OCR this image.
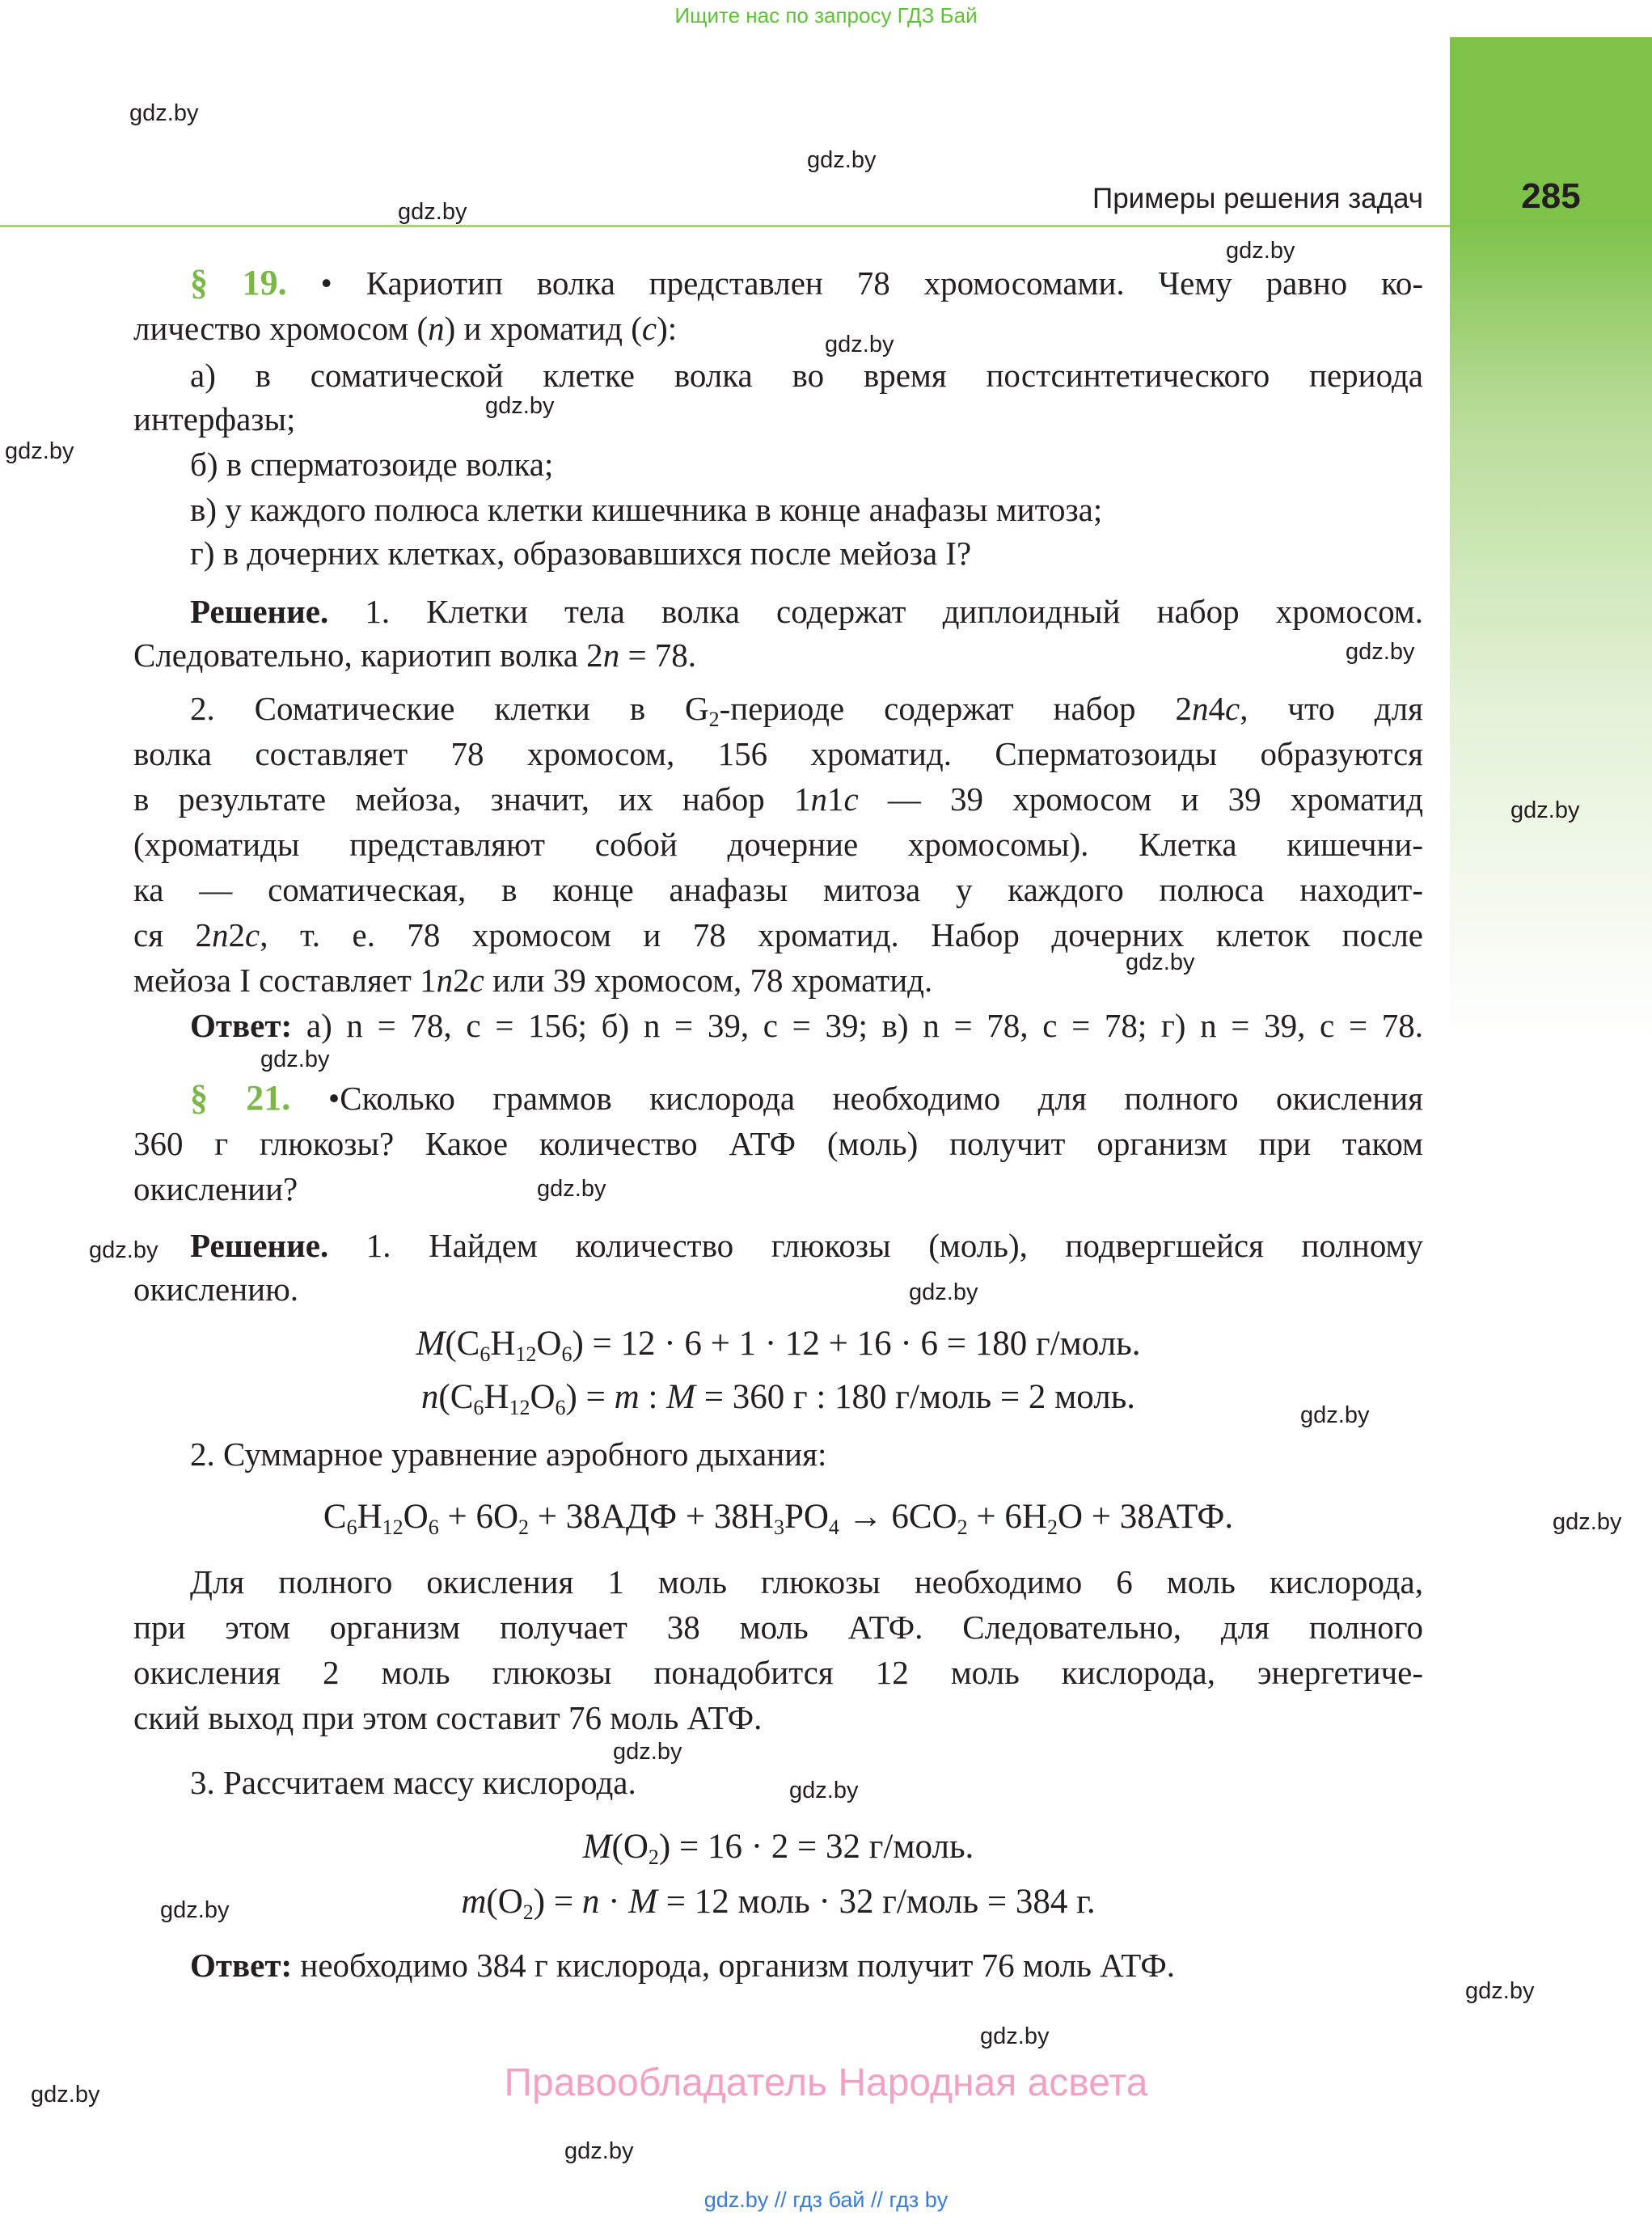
Ищите нас по запросу ГДЗ Бай
Примеры решения задач	285
§ 19. • Кариотип волка представлен 78 хромосомами. Чему равно ко-
личество хромосом (n) и хроматид (c):
а) в соматической клетке волка во время постсинтетического периода
интерфазы;
б) в сперматозоиде волка;
в) у каждого полюса клетки кишечника в конце анафазы митоза;
г) в дочерних клетках, образовавшихся после мейоза I?
Решение. 1. Клетки тела волка содержат диплоидный набор хромосом.
Следовательно, кариотип волка 2n = 78.
2. Соматические клетки в $G_2$-периоде содержат набор 2n4c, что для
волка составляет 78 хромосом, 156 хроматид. Сперматозоиды образуются
в результате мейоза, значит, их набор 1n1c — 39 хромосом и 39 хроматид
(хроматиды представляют собой дочерние хромосомы). Клетка кишечни-
ка — соматическая, в конце анафазы митоза у каждого полюса находит-
ся 2n2c, т. е. 78 хромосом и 78 хроматид. Набор дочерних клеток после
мейоза I составляет 1n2c или 39 хромосом, 78 хроматид.
Ответ: а) n = 78, c = 156; б) n = 39, c = 39; в) n = 78, c = 78; г) n = 39, c = 78.
§ 21. •Сколько граммов кислорода необходимо для полного окисления
360 г глюкозы? Какое количество АТФ (моль) получит организм при таком
окислении?
Решение. 1. Найдем количество глюкозы (моль), подвергшейся полному
окислению.
$M(C_6H_{12}O_6) = 12 \cdot 6 + 1 \cdot 12 + 16 \cdot 6 = 180$ г/моль.
$n(C_6H_{12}O_6) = m$ : M = 360 г : 180 г/моль = 2 моль.
2. Суммарное уравнение аэробного дыхания:
$C_6H_{12}O_6 + 6O_2 + 38АДФ + 38H_3PO_4 \to 6CO_2 + 6H_2O + 38АТФ$.
Для полного окисления 1 моль глюкозы необходимо 6 моль кислорода,
при этом организм получает 38 моль АТФ. Следовательно, для полного
окисления 2 моль глюкозы понадобится 12 моль кислорода, энергетиче-
ский выход при этом составит 76 моль АТФ.
3. Рассчитаем массу кислорода.
$M(O_2) = 16 \cdot 2 = 32$ г/моль.
$m(O_2) = n \cdot M = 12$ моль · 32 г/моль = 384 г.
Ответ: необходимо 384 г кислорода, организм получит 76 моль АТФ.
gdz.by
gdz.by
gdz.by
gdz.by
gdz.by
gdz.by
gdz.by
gdz.by
gdz.by
gdz.by
gdz.by
gdz.by
gdz.by
gdz.by
gdz.by
gdz.by
gdz.by
gdz.by
gdz.by
gdz.by
gdz.by
gdz.by
gdz.by
Правообладатель Народная асвета
gdz.by // гдз бай // гдз by
